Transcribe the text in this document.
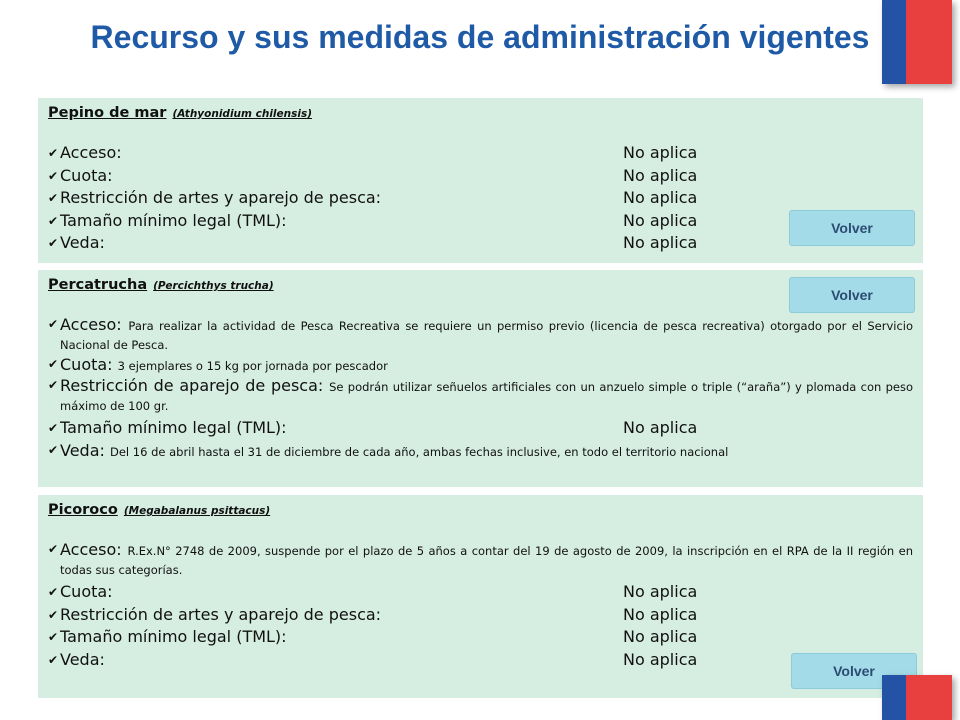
Recurso y sus medidas de administración vigentes
Pepino de mar (Athyonidium chilensis)
✔ Acceso:	No aplica
✔ Cuota:	No aplica
✔ Restricción de artes y aparejo de pesca:	No aplica
✔ Tamaño mínimo legal (TML):	No aplica
✔ Veda:	No aplica
Percatrucha (Percichthys trucha)
✔ Acceso: Para realizar la actividad de Pesca Recreativa se requiere un permiso previo (licencia de pesca recreativa) otorgado por el Servicio Nacional de Pesca.
✔ Cuota: 3 ejemplares o 15 kg por jornada por pescador
✔ Restricción de aparejo de pesca: Se podrán utilizar señuelos artificiales con un anzuelo simple o triple (“araña”) y plomada con peso máximo de 100 gr.
✔ Tamaño mínimo legal (TML):	No aplica
✔ Veda: Del 16 de abril hasta el 31 de diciembre de cada año, ambas fechas inclusive, en todo el territorio nacional
Picoroco (Megabalanus psittacus)
✔ Acceso: R.Ex.N° 2748 de 2009, suspende por el plazo de 5 años a contar del 19 de agosto de 2009, la inscripción en el RPA de la II región en todas sus categorías.
✔ Cuota:	No aplica
✔ Restricción de artes y aparejo de pesca:	No aplica
✔ Tamaño mínimo legal (TML):	No aplica
✔ Veda:	No aplica
Volver
Volver
Volver
